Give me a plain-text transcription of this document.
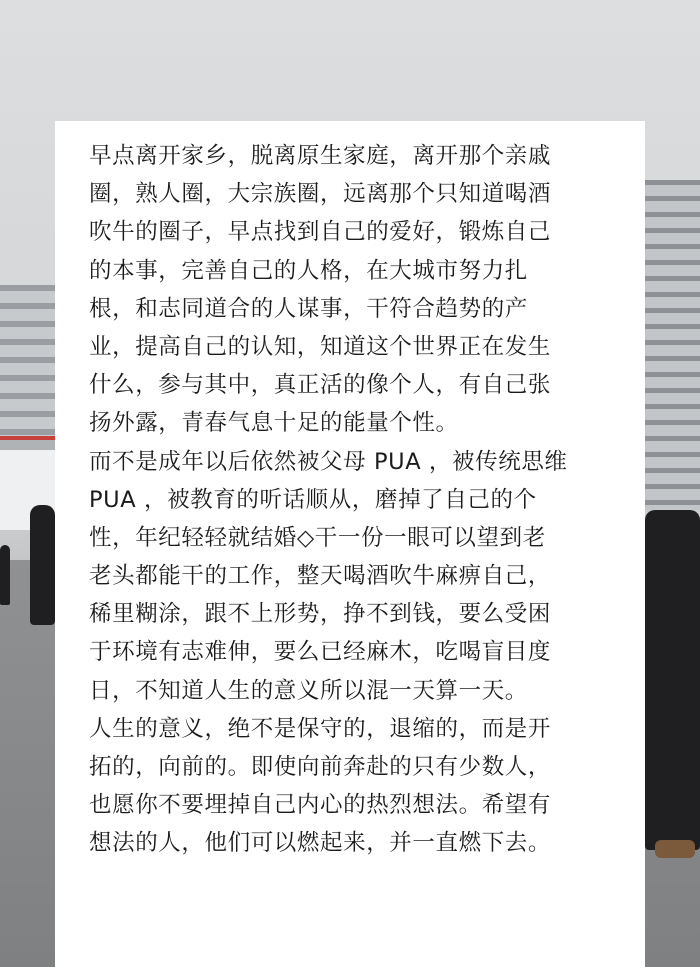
早点离开家乡，脱离原生家庭，离开那个亲戚
圈，熟人圈，大宗族圈，远离那个只知道喝酒
吹牛的圈子，早点找到自己的爱好，锻炼自己
的本事，完善自己的人格，在大城市努力扎
根，和志同道合的人谋事，干符合趋势的产
业，提高自己的认知，知道这个世界正在发生
什么，参与其中，真正活的像个人，有自己张
扬外露，青春气息十足的能量个性。
而不是成年以后依然被父母 PUA ，被传统思维
PUA ，被教育的听话顺从，磨掉了自己的个
性，年纪轻轻就结婚◇干一份一眼可以望到老
老头都能干的工作，整天喝酒吹牛麻痹自己，
稀里糊涂，跟不上形势，挣不到钱，要么受困
于环境有志难伸，要么已经麻木，吃喝盲目度
日，不知道人生的意义所以混一天算一天。
人生的意义，绝不是保守的，退缩的，而是开
拓的，向前的。即使向前奔赴的只有少数人，
也愿你不要埋掉自己内心的热烈想法。希望有
想法的人，他们可以燃起来，并一直燃下去。
